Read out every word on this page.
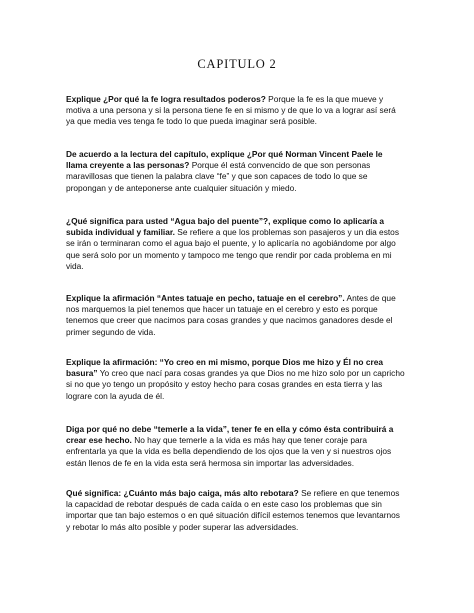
CAPITULO 2

Explique ¿Por qué la fe logra resultados poderos? Porque la fe es la que mueve y motiva a una persona y si la persona tiene fe en si mismo y de que lo va a lograr así será ya que media ves tenga fe todo lo que pueda imaginar será posible.

De acuerdo a la lectura del capítulo, explique ¿Por qué Norman Vincent Paele le llama creyente a las personas? Porque él está convencido de que son personas maravillosas que tienen la palabra clave “fe” y que son capaces de todo lo que se propongan y de anteponerse ante cualquier situación y miedo.

¿Qué significa para usted “Agua bajo del puente”?, explique como lo aplicaría a subida individual y familiar. Se refiere a que los problemas son pasajeros y un dia estos se irán o terminaran como el agua bajo el puente, y lo aplicaría no agobiándome por algo que será solo por un momento y tampoco me tengo que rendir por cada problema en mi vida.

Explique la afirmación “Antes tatuaje en pecho, tatuaje en el cerebro”. Antes de que nos marquemos la piel tenemos que hacer un tatuaje en el cerebro y esto es porque tenemos que creer que nacimos para cosas grandes y que nacimos ganadores desde el primer segundo de vida.

Explique la afirmación: “Yo creo en mi mismo, porque Dios me hizo y Él no crea basura” Yo creo que nací para cosas grandes ya que Dios no me hizo solo por un capricho si no que yo tengo un propósito y estoy hecho para cosas grandes en esta tierra y las lograre con la ayuda de él.

Diga por qué no debe “temerle a la vida”, tener fe en ella y cómo ésta contribuirá a crear ese hecho. No hay que temerle a la vida es más hay que tener coraje para enfrentarla ya que la vida es bella dependiendo de los ojos que la ven y si nuestros ojos están llenos de fe en la vida esta será hermosa sin importar las adversidades.

Qué significa: ¿Cuánto más bajo caiga, más alto rebotara? Se refiere en que tenemos la capacidad de rebotar después de cada caída o en este caso los problemas que sin importar que tan bajo estemos o en qué situación difícil estemos tenemos que levantarnos y rebotar lo más alto posible y poder superar las adversidades.
